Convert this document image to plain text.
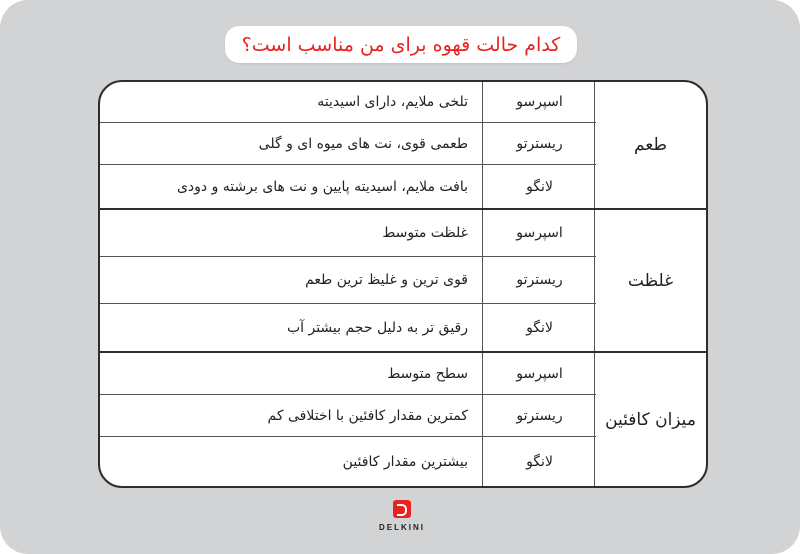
کدام حالت قهوه برای من مناسب است؟
طعم
اسپرسو
تلخی ملایم، دارای اسیدیته
ریسترتو
طعمی قوی، نت های میوه ای و گلی
لانگو
بافت ملایم، اسیدیته پایین و نت های برشته و دودی
غلظت
اسپرسو
غلظت متوسط
ریسترتو
قوی ترین و غلیظ ترین طعم
لانگو
رقیق تر به دلیل حجم بیشتر آب
میزان کافئین
اسپرسو
سطح متوسط
ریسترتو
کمترین مقدار کافئین با اختلافی کم
لانگو
بیشترین مقدار کافئین
DELKINI
